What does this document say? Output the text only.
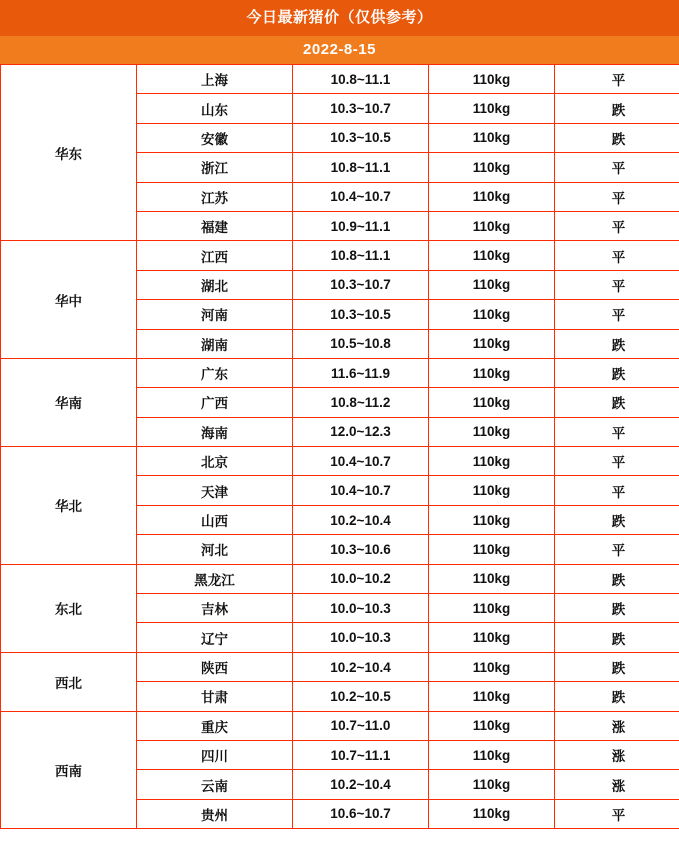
今日最新猪价（仅供参考）
2022-8-15
华东	上海	10.8~11.1	110kg	平
	山东	10.3~10.7	110kg	跌
	安徽	10.3~10.5	110kg	跌
	浙江	10.8~11.1	110kg	平
	江苏	10.4~10.7	110kg	平
	福建	10.9~11.1	110kg	平
华中	江西	10.8~11.1	110kg	平
	湖北	10.3~10.7	110kg	平
	河南	10.3~10.5	110kg	平
	湖南	10.5~10.8	110kg	跌
华南	广东	11.6~11.9	110kg	跌
	广西	10.8~11.2	110kg	跌
	海南	12.0~12.3	110kg	平
华北	北京	10.4~10.7	110kg	平
	天津	10.4~10.7	110kg	平
	山西	10.2~10.4	110kg	跌
	河北	10.3~10.6	110kg	平
东北	黑龙江	10.0~10.2	110kg	跌
	吉林	10.0~10.3	110kg	跌
	辽宁	10.0~10.3	110kg	跌
西北	陕西	10.2~10.4	110kg	跌
	甘肃	10.2~10.5	110kg	跌
西南	重庆	10.7~11.0	110kg	涨
	四川	10.7~11.1	110kg	涨
	云南	10.2~10.4	110kg	涨
	贵州	10.6~10.7	110kg	平
